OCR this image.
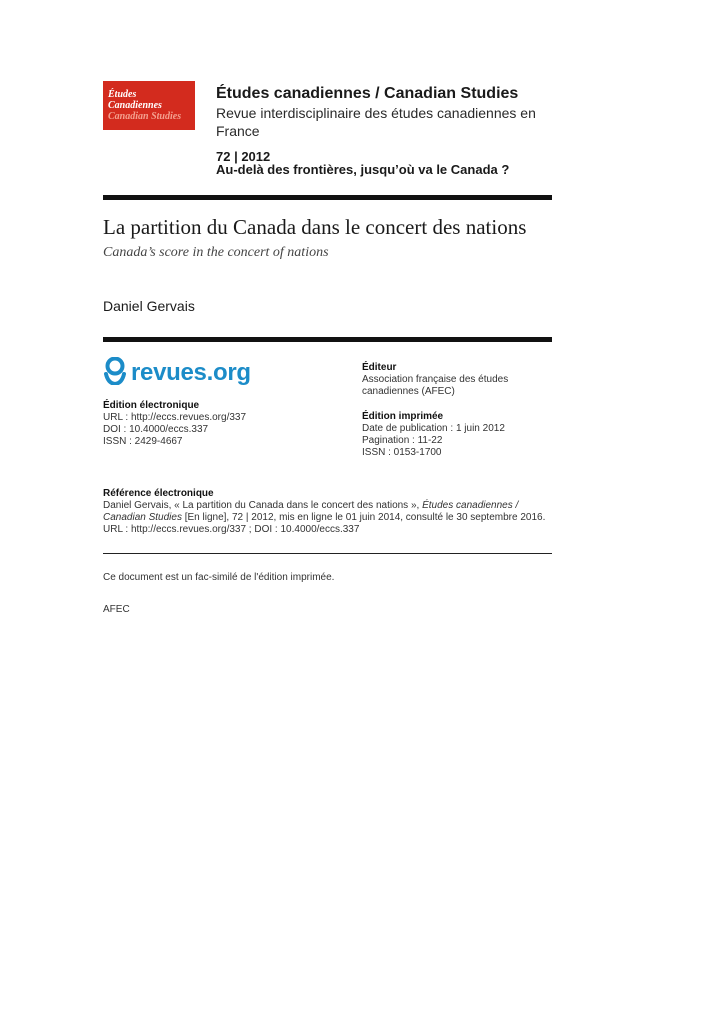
Études
Canadiennes
Canadian Studies
Études canadiennes / Canadian Studies
Revue interdisciplinaire des études canadiennes en France
72 | 2012
Au-delà des frontières, jusqu’où va le Canada ?
La partition du Canada dans le concert des nations
Canada’s score in the concert of nations
Daniel Gervais
revues.org
Édition électronique
URL : http://eccs.revues.org/337
DOI : 10.4000/eccs.337
ISSN : 2429-4667
Éditeur
Association française des études canadiennes (AFEC)
Édition imprimée
Date de publication : 1 juin 2012
Pagination : 11-22
ISSN : 0153-1700
Référence électronique
Daniel Gervais, « La partition du Canada dans le concert des nations », Études canadiennes / Canadian Studies [En ligne], 72 | 2012, mis en ligne le 01 juin 2014, consulté le 30 septembre 2016. URL : http://eccs.revues.org/337 ; DOI : 10.4000/eccs.337
Ce document est un fac-similé de l'édition imprimée.
AFEC
